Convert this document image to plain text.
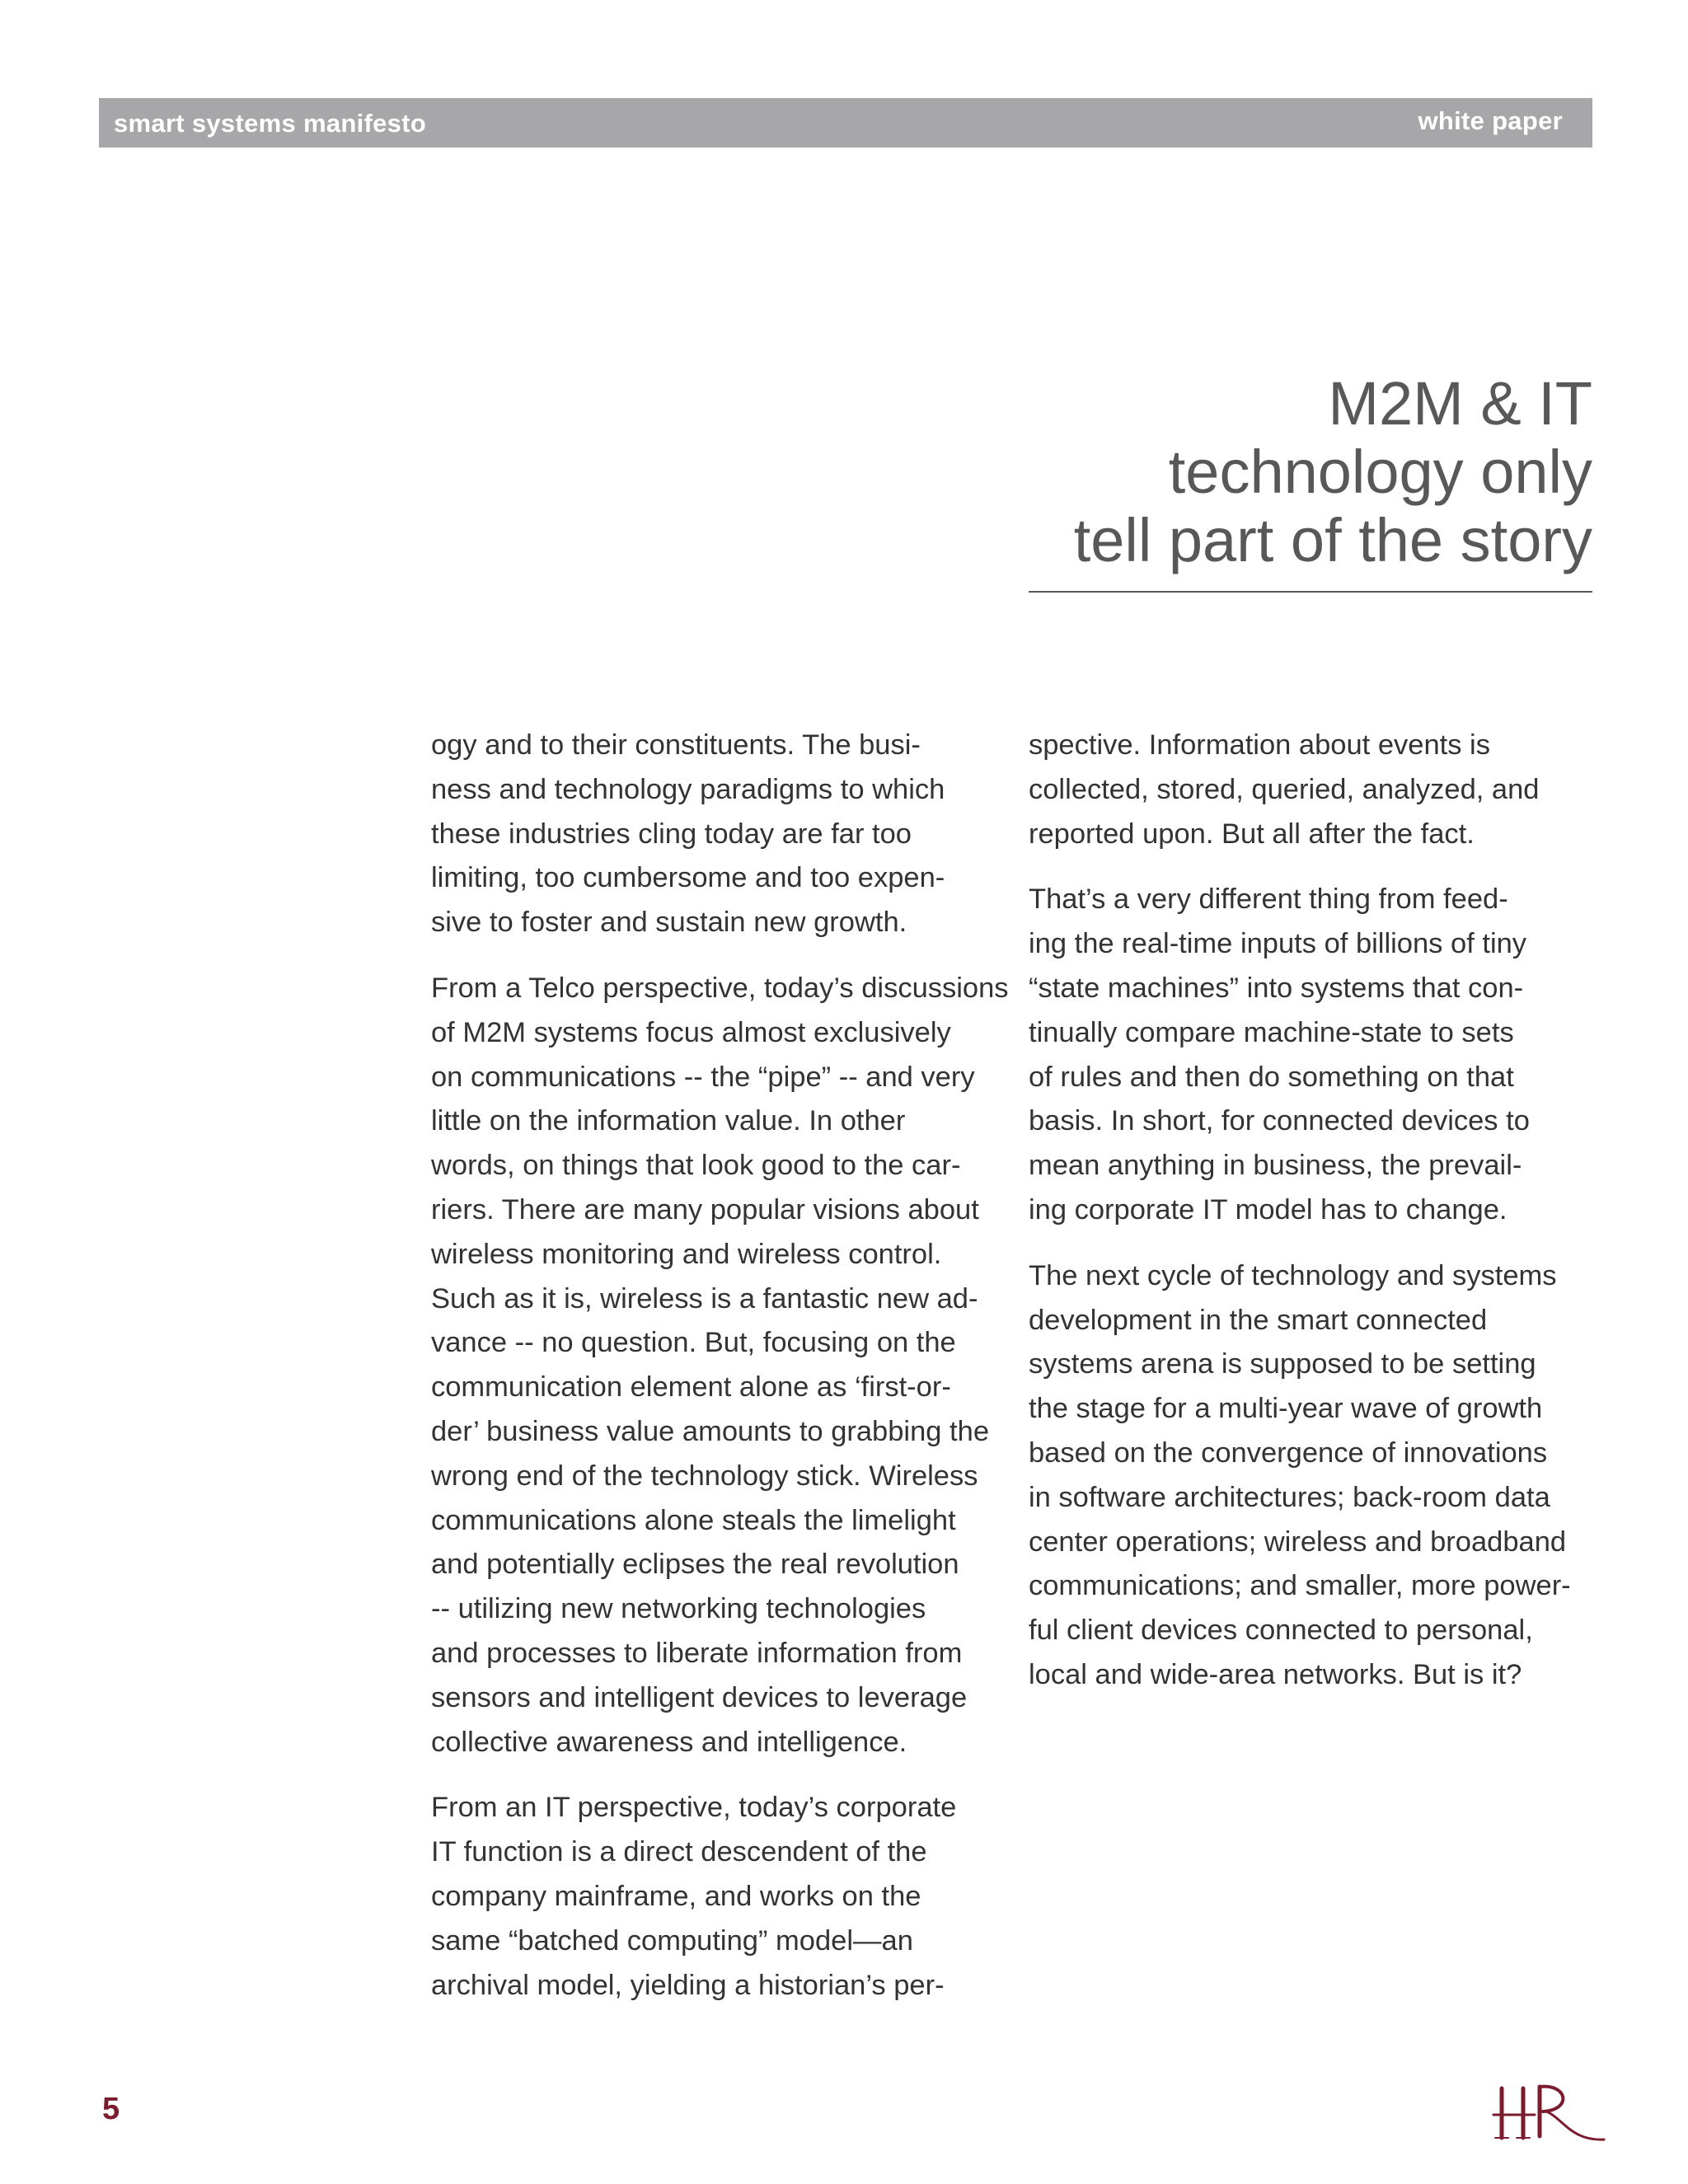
smart systems manifesto	white paper
M2M & IT
technology only
tell part of the story

ogy and to their constituents. The busi-
ness and technology paradigms to which
these industries cling today are far too
limiting, too cumbersome and too expen-
sive to foster and sustain new growth.

From a Telco perspective, today’s discussions
of M2M systems focus almost exclusively
on communications -- the “pipe” -- and very
little on the information value. In other
words, on things that look good to the car-
riers. There are many popular visions about
wireless monitoring and wireless control.
Such as it is, wireless is a fantastic new ad-
vance -- no question. But, focusing on the
communication element alone as ‘first-or-
der’ business value amounts to grabbing the
wrong end of the technology stick. Wireless
communications alone steals the limelight
and potentially eclipses the real revolution
-- utilizing new networking technologies
and processes to liberate information from
sensors and intelligent devices to leverage
collective awareness and intelligence.

From an IT perspective, today’s corporate
IT function is a direct descendent of the
company mainframe, and works on the
same “batched computing” model—an
archival model, yielding a historian’s per-

spective. Information about events is
collected, stored, queried, analyzed, and
reported upon. But all after the fact.

That’s a very different thing from feed-
ing the real-time inputs of billions of tiny
“state machines” into systems that con-
tinually compare machine-state to sets
of rules and then do something on that
basis. In short, for connected devices to
mean anything in business, the prevail-
ing corporate IT model has to change.

The next cycle of technology and systems
development in the smart connected
systems arena is supposed to be setting
the stage for a multi-year wave of growth
based on the convergence of innovations
in software architectures; back-room data
center operations; wireless and broadband
communications; and smaller, more power-
ful client devices connected to personal,
local and wide-area networks. But is it?

5
